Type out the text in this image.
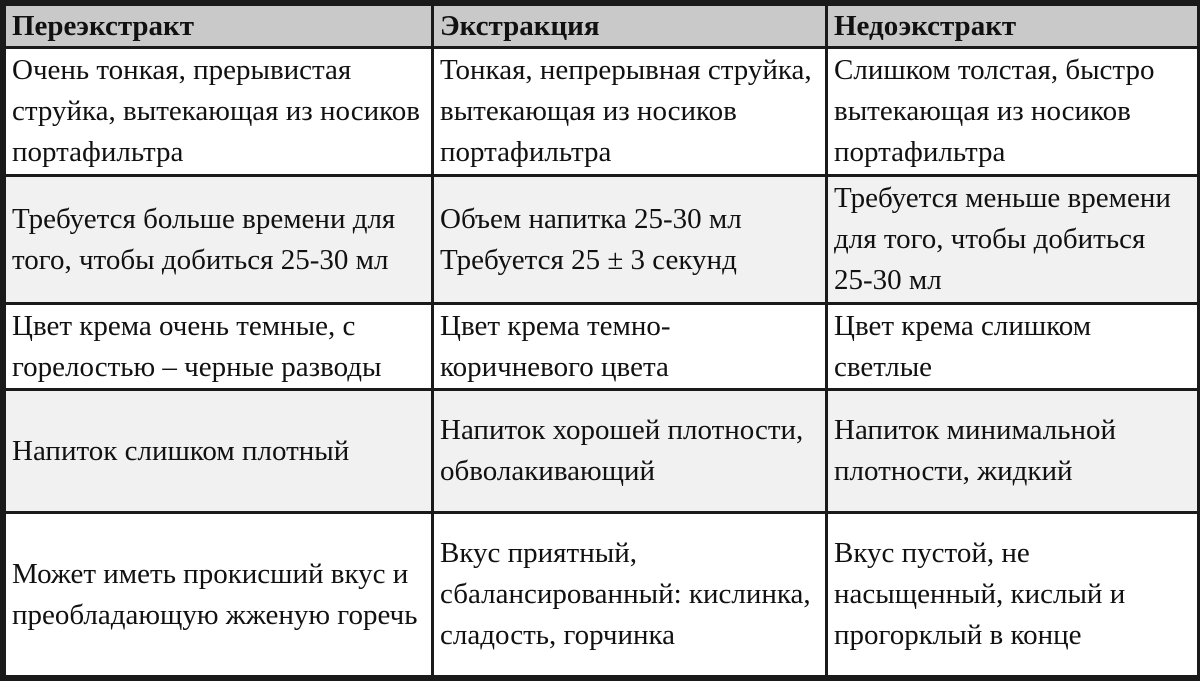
Переэкстракт	Экстракция	Недоэкстракт
Очень тонкая, прерывистая струйка, вытекающая из носиков портафильтра	Тонкая, непрерывная струйка, вытекающая из носиков портафильтра	Слишком толстая, быстро вытекающая из носиков портафильтра
Требуется больше времени для того, чтобы добиться 25-30 мл	Объем напитка 25-30 мл Требуется 25 ± 3 секунд	Требуется меньше времени для того, чтобы добиться 25-30 мл
Цвет крема очень темные, с горелостью – черные разводы	Цвет крема темно-коричневого цвета	Цвет крема слишком светлые
Напиток слишком плотный	Напиток хорошей плотности, обволакивающий	Напиток минимальной плотности, жидкий
Может иметь прокисший вкус и преобладающую жженую горечь	Вкус приятный, сбалансированный: кислинка, сладость, горчинка	Вкус пустой, не насыщенный, кислый и прогорклый в конце
